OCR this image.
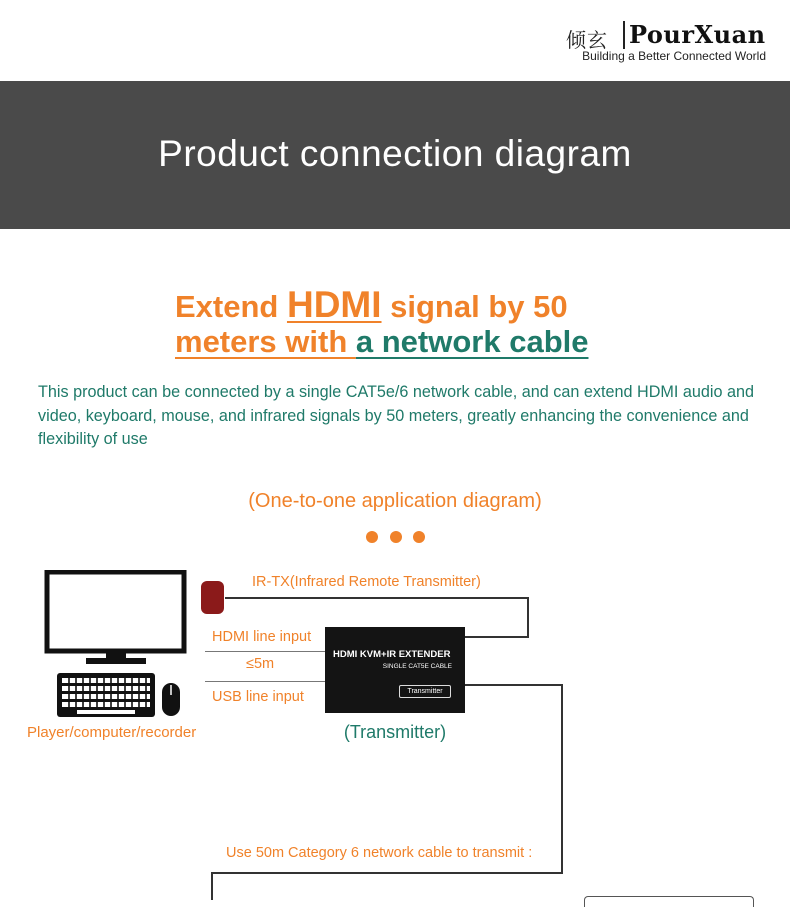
倾玄 PourXuan
Building a Better Connected World
Product connection diagram
Extend HDMI signal by 50
meters with a network cable
This product can be connected by a single CAT5e/6 network cable, and can extend HDMI audio and video, keyboard, mouse, and infrared signals by 50 meters, greatly enhancing the convenience and flexibility of use
(One-to-one application diagram)
Player/computer/recorder
IR-TX(Infrared Remote Transmitter)
HDMI line input
≤5m
USB line input
HDMI KVM+IR EXTENDER
SINGLE CAT5E CABLE
Transmitter
(Transmitter)
Use 50m Category 6 network cable to transmit :
